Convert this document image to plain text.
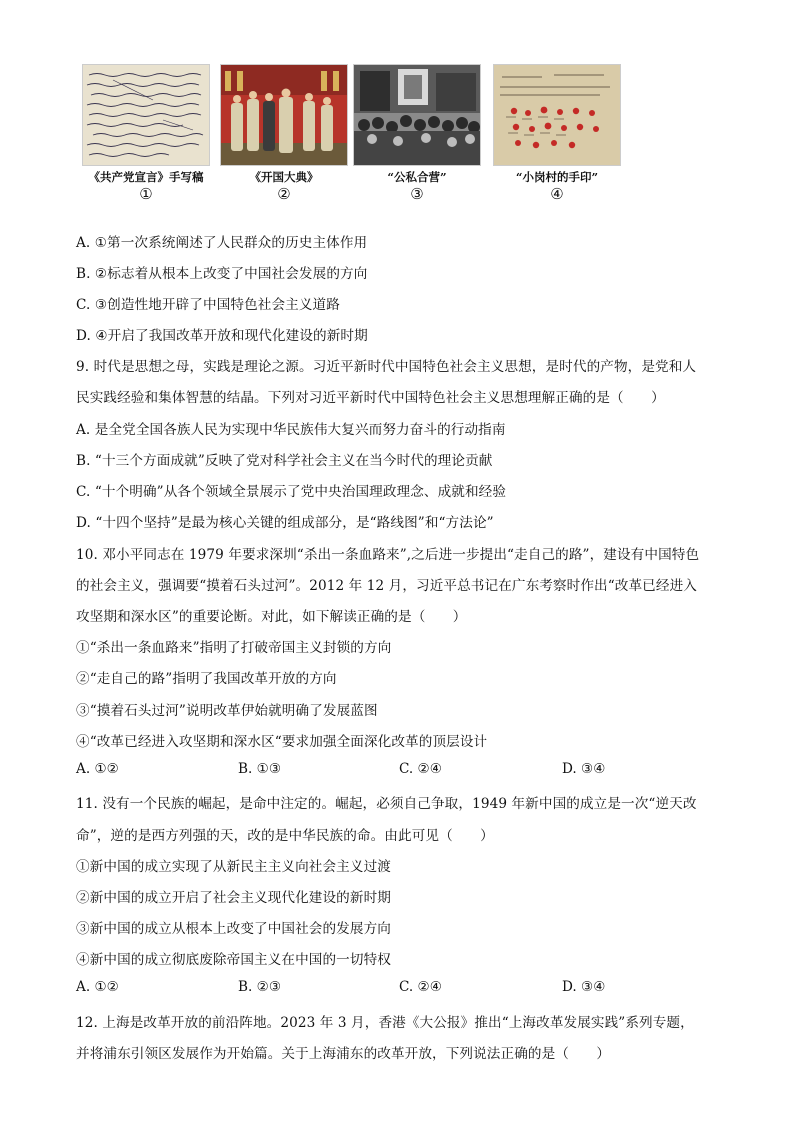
《共产党宣言》手写稿
①
《开国大典》
②
“公私合营”
③
“小岗村的手印”
④
A. ①第一次系统阐述了人民群众的历史主体作用
B. ②标志着从根本上改变了中国社会发展的方向
C. ③创造性地开辟了中国特色社会主义道路
D. ④开启了我国改革开放和现代化建设的新时期
9. 时代是思想之母，实践是理论之源。习近平新时代中国特色社会主义思想，是时代的产物，是党和人
民实践经验和集体智慧的结晶。下列对习近平新时代中国特色社会主义思想理解正确的是（　　）
A. 是全党全国各族人民为实现中华民族伟大复兴而努力奋斗的行动指南
B. “十三个方面成就”反映了党对科学社会主义在当今时代的理论贡献
C. “十个明确”从各个领域全景展示了党中央治国理政理念、成就和经验
D. “十四个坚持”是最为核心关键的组成部分，是“路线图”和“方法论”
10. 邓小平同志在 1979 年要求深圳“杀出一条血路来”,之后进一步提出“走自己的路”，建设有中国特色
的社会主义，强调要“摸着石头过河”。2012 年 12 月，习近平总书记在广东考察时作出“改革已经进入
攻坚期和深水区”的重要论断。对此，如下解读正确的是（　　）
①“杀出一条血路来”指明了打破帝国主义封锁的方向
②“走自己的路”指明了我国改革开放的方向
③“摸着石头过河”说明改革伊始就明确了发展蓝图
④“改革已经进入攻坚期和深水区“要求加强全面深化改革的顶层设计
A. ①②	B. ①③	C. ②④	D. ③④
11. 没有一个民族的崛起，是命中注定的。崛起，必须自己争取，1949 年新中国的成立是一次“逆天改
命”，逆的是西方列强的天，改的是中华民族的命。由此可见（　　）
①新中国的成立实现了从新民主主义向社会主义过渡
②新中国的成立开启了社会主义现代化建设的新时期
③新中国的成立从根本上改变了中国社会的发展方向
④新中国的成立彻底废除帝国主义在中国的一切特权
A. ①②	B. ②③	C. ②④	D. ③④
12. 上海是改革开放的前沿阵地。2023 年 3 月，香港《大公报》推出“上海改革发展实践”系列专题，
并将浦东引领区发展作为开始篇。关于上海浦东的改革开放，下列说法正确的是（　　）
